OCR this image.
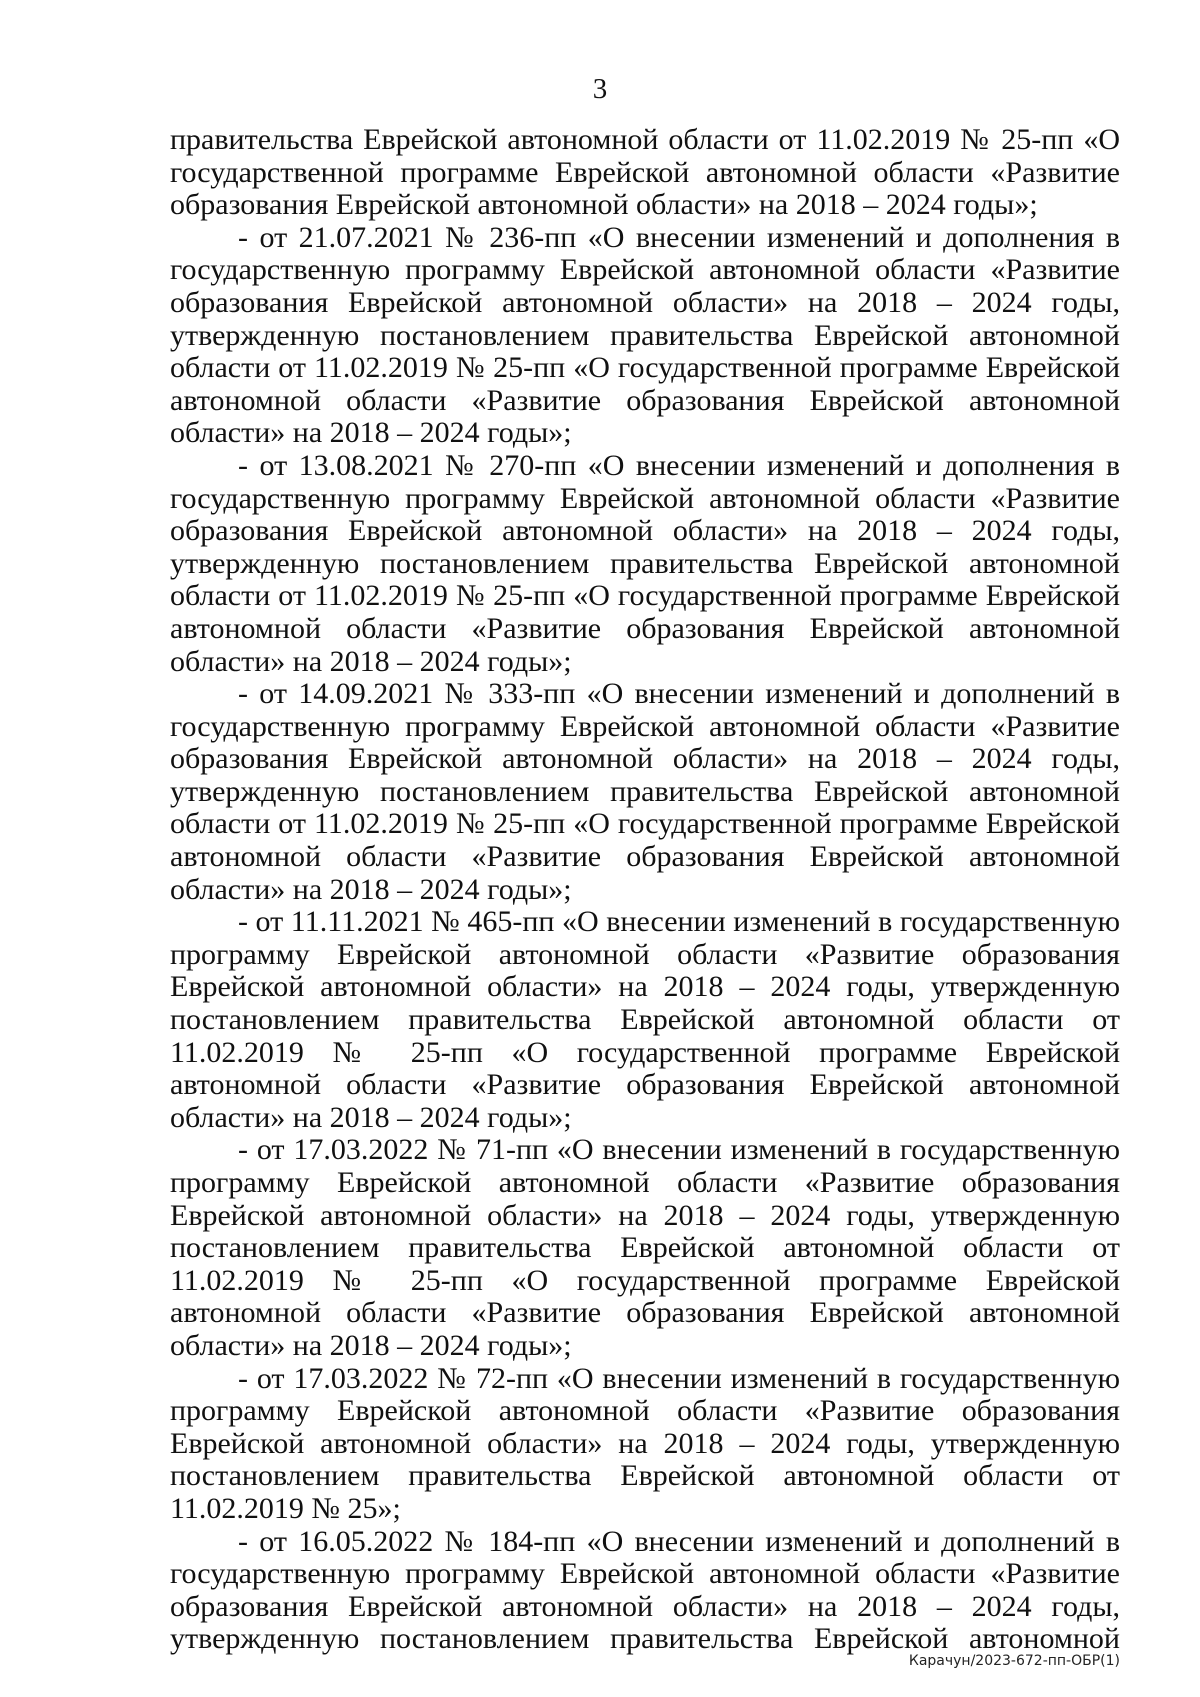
3

правительства Еврейской автономной области от 11.02.2019 № 25-пп «О государственной программе Еврейской автономной области «Развитие образования Еврейской автономной области» на 2018 – 2024 годы»;

- от 21.07.2021 № 236-пп «О внесении изменений и дополнения в государственную программу Еврейской автономной области «Развитие образования Еврейской автономной области» на 2018 – 2024 годы, утвержденную постановлением правительства Еврейской автономной области от 11.02.2019 № 25-пп «О государственной программе Еврейской автономной области «Развитие образования Еврейской автономной области» на 2018 – 2024 годы»;

- от 13.08.2021 № 270-пп «О внесении изменений и дополнения в государственную программу Еврейской автономной области «Развитие образования Еврейской автономной области» на 2018 – 2024 годы, утвержденную постановлением правительства Еврейской автономной области от 11.02.2019 № 25-пп «О государственной программе Еврейской автономной области «Развитие образования Еврейской автономной области» на 2018 – 2024 годы»;

- от 14.09.2021 № 333-пп «О внесении изменений и дополнений в государственную программу Еврейской автономной области «Развитие образования Еврейской автономной области» на 2018 – 2024 годы, утвержденную постановлением правительства Еврейской автономной области от 11.02.2019 № 25-пп «О государственной программе Еврейской автономной области «Развитие образования Еврейской автономной области» на 2018 – 2024 годы»;

- от 11.11.2021 № 465-пп «О внесении изменений в государственную программу Еврейской автономной области «Развитие образования Еврейской автономной области» на 2018 – 2024 годы, утвержденную постановлением правительства Еврейской автономной области от 11.02.2019 № 25-пп «О государственной программе Еврейской автономной области «Развитие образования Еврейской автономной области» на 2018 – 2024 годы»;

- от 17.03.2022 № 71-пп «О внесении изменений в государственную программу Еврейской автономной области «Развитие образования Еврейской автономной области» на 2018 – 2024 годы, утвержденную постановлением правительства Еврейской автономной области от 11.02.2019 № 25-пп «О государственной программе Еврейской автономной области «Развитие образования Еврейской автономной области» на 2018 – 2024 годы»;

- от 17.03.2022 № 72-пп «О внесении изменений в государственную программу Еврейской автономной области «Развитие образования Еврейской автономной области» на 2018 – 2024 годы, утвержденную постановлением правительства Еврейской автономной области от 11.02.2019 № 25»;

- от 16.05.2022 № 184-пп «О внесении изменений и дополнений в государственную программу Еврейской автономной области «Развитие образования Еврейской автономной области» на 2018 – 2024 годы, утвержденную постановлением правительства Еврейской автономной

Карачун/2023-672-пп-ОБР(1)
